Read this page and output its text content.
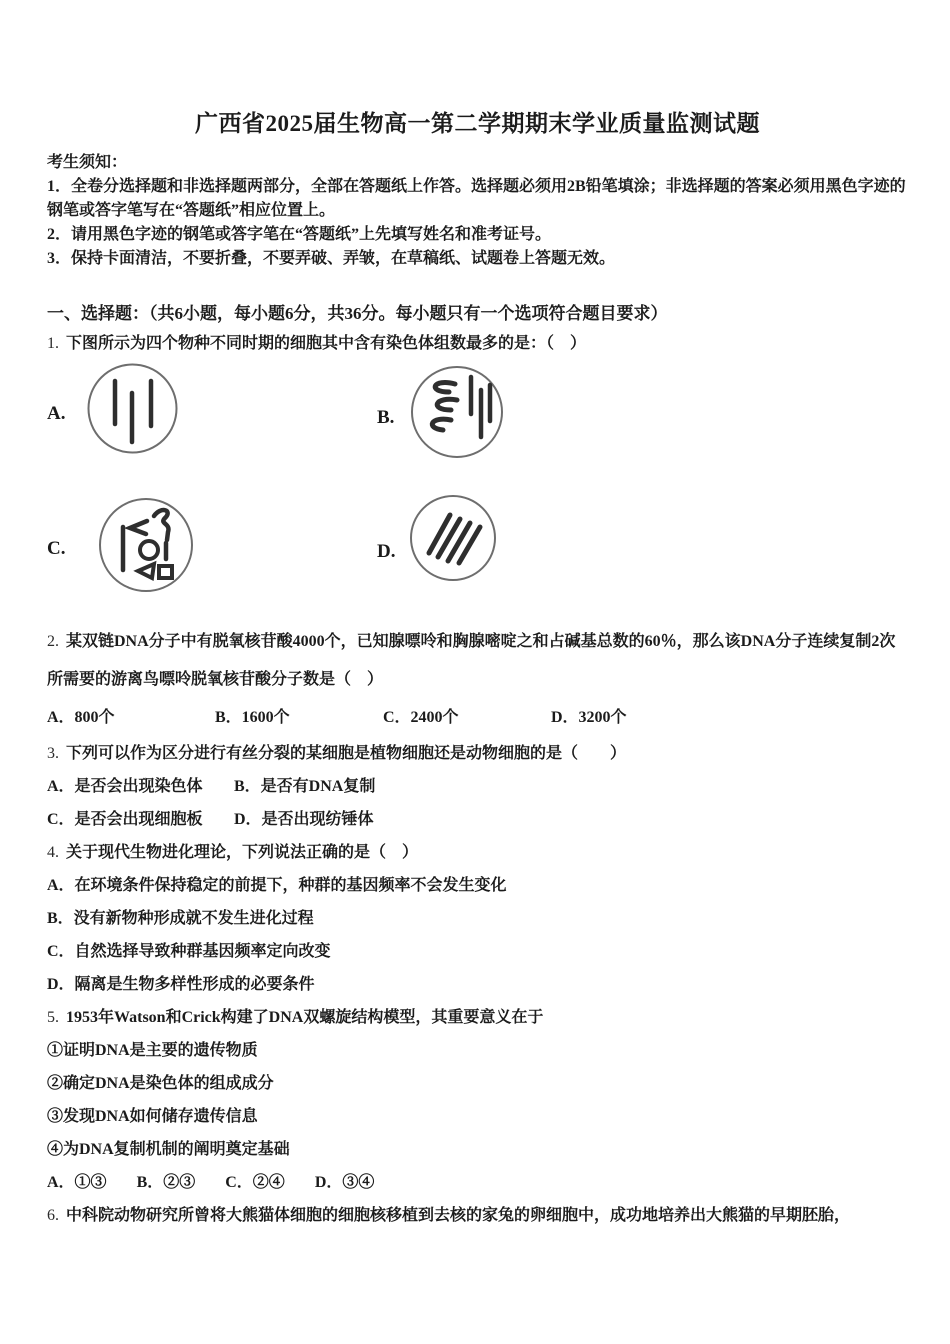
广西省2025届生物高一第二学期期末学业质量监测试题
考生须知：
1．全卷分选择题和非选择题两部分，全部在答题纸上作答。选择题必须用2B铅笔填涂；非选择题的答案必须用黑色字迹的钢笔或答字笔写在“答题纸”相应位置上。
2．请用黑色字迹的钢笔或答字笔在“答题纸”上先填写姓名和准考证号。
3．保持卡面清洁，不要折叠，不要弄破、弄皱，在草稿纸、试题卷上答题无效。
一、选择题：（共6小题，每小题6分，共36分。每小题只有一个选项符合题目要求）
1. 下图所示为四个物种不同时期的细胞其中含有染色体组数最多的是：（　）
A.	B.
C.	D.
2. 某双链DNA分子中有脱氧核苷酸4000个，已知腺嘌呤和胸腺嘧啶之和占碱基总数的60％，那么该DNA分子连续复制2次所需要的游离鸟嘌呤脱氧核苷酸分子数是（　）
A．800个	B．1600个	C．2400个	D．3200个
3. 下列可以作为区分进行有丝分裂的某细胞是植物细胞还是动物细胞的是（　　）
A．是否会出现染色体 B．是否有DNA复制
C．是否会出现细胞板 D．是否出现纺锤体
4. 关于现代生物进化理论，下列说法正确的是（　）
A．在环境条件保持稳定的前提下，种群的基因频率不会发生变化
B．没有新物种形成就不发生进化过程
C．自然选择导致种群基因频率定向改变
D．隔离是生物多样性形成的必要条件
5. 1953年Watson和Crick构建了DNA双螺旋结构模型，其重要意义在于
①证明DNA是主要的遗传物质
②确定DNA是染色体的组成成分
③发现DNA如何储存遗传信息
④为DNA复制机制的阐明奠定基础
A．①③ B．②③ C．②④ D．③④
6. 中科院动物研究所曾将大熊猫体细胞的细胞核移植到去核的家兔的卵细胞中，成功地培养出大熊猫的早期胚胎，
